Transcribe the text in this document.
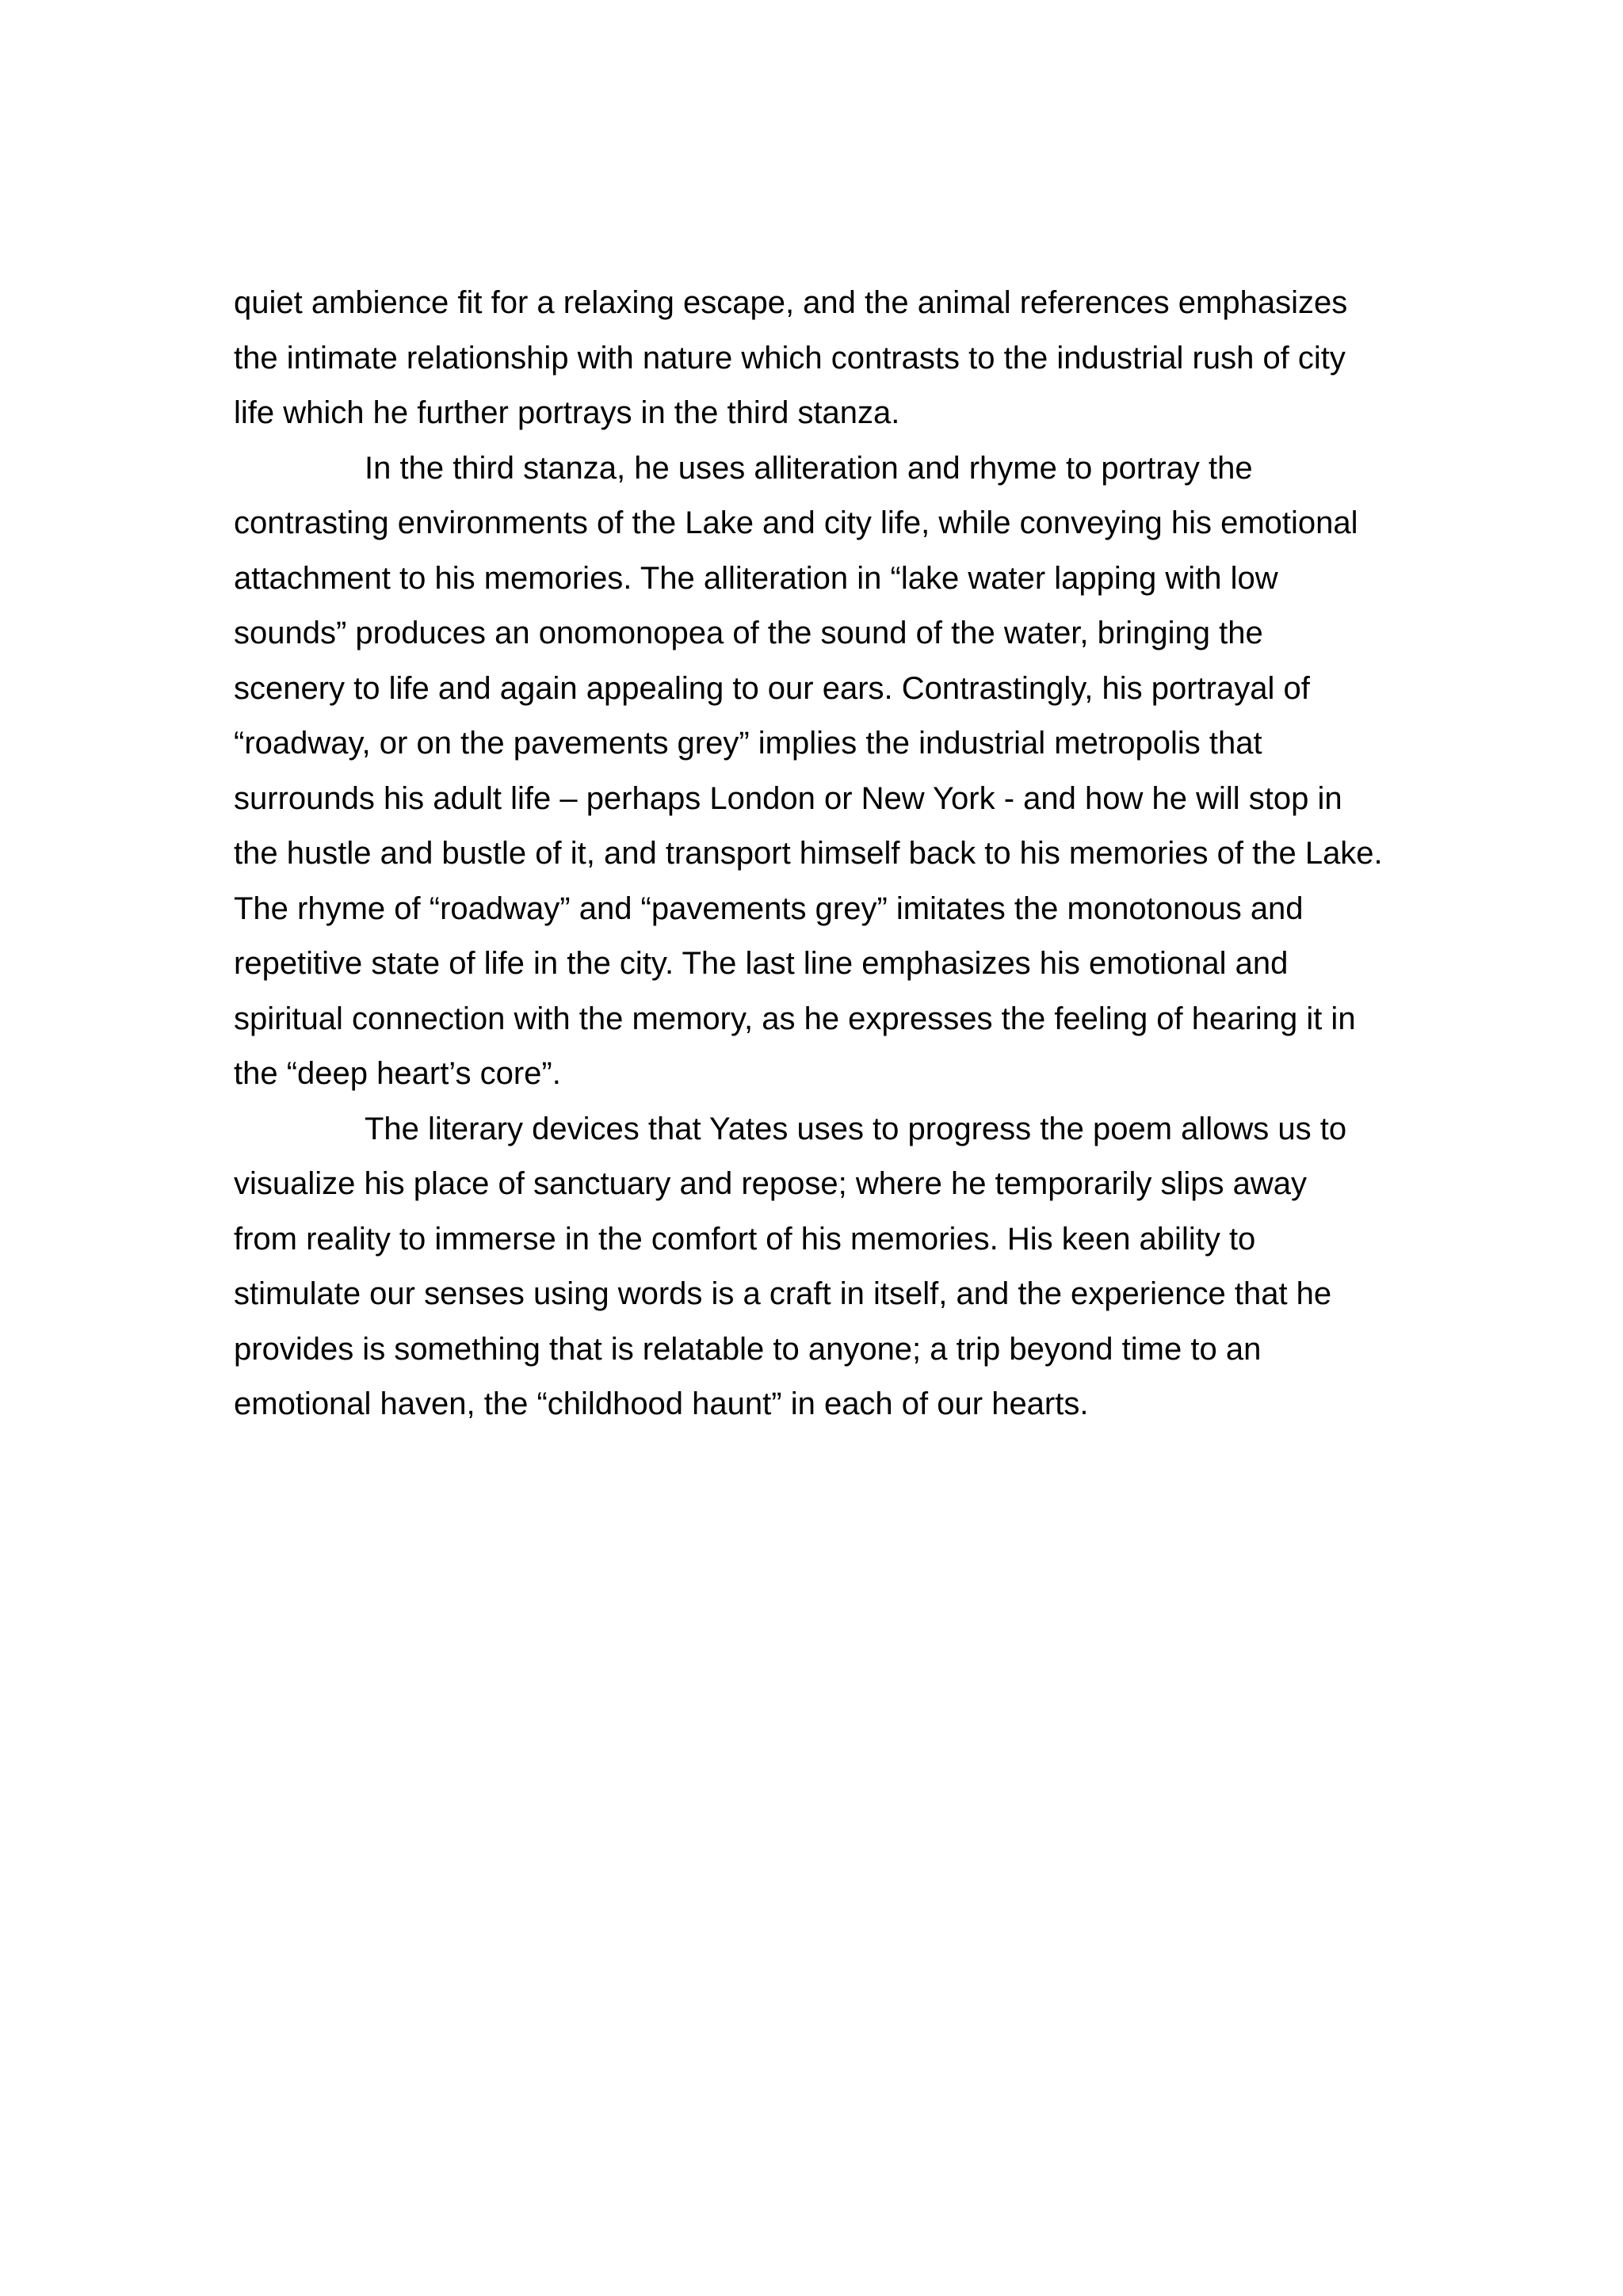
quiet ambience fit for a relaxing escape, and the animal references emphasizes
the intimate relationship with nature which contrasts to the industrial rush of city
life which he further portrays in the third stanza.
In the third stanza, he uses alliteration and rhyme to portray the
contrasting environments of the Lake and city life, while conveying his emotional
attachment to his memories. The alliteration in “lake water lapping with low
sounds” produces an onomonopea of the sound of the water, bringing the
scenery to life and again appealing to our ears. Contrastingly, his portrayal of
“roadway, or on the pavements grey” implies the industrial metropolis that
surrounds his adult life – perhaps London or New York - and how he will stop in
the hustle and bustle of it, and transport himself back to his memories of the Lake.
The rhyme of “roadway” and “pavements grey” imitates the monotonous and
repetitive state of life in the city. The last line emphasizes his emotional and
spiritual connection with the memory, as he expresses the feeling of hearing it in
the “deep heart’s core”.
The literary devices that Yates uses to progress the poem allows us to
visualize his place of sanctuary and repose; where he temporarily slips away
from reality to immerse in the comfort of his memories. His keen ability to
stimulate our senses using words is a craft in itself, and the experience that he
provides is something that is relatable to anyone; a trip beyond time to an
emotional haven, the “childhood haunt” in each of our hearts.
